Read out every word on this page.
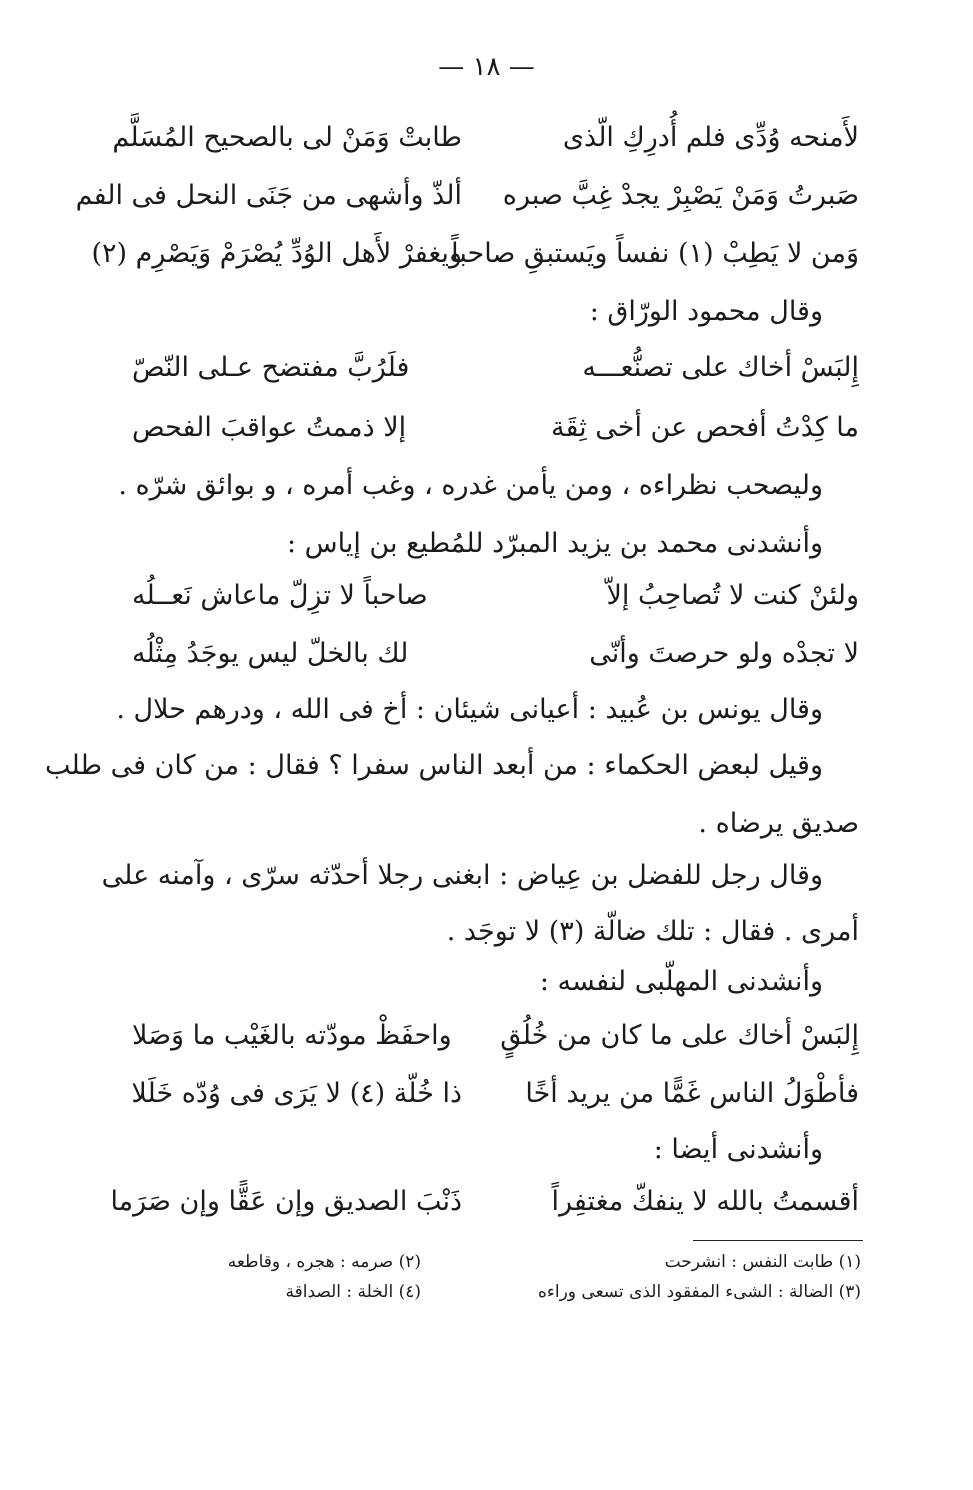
— ١٨ —
لأَمنحه وُدِّى فلم أُدرِكِ الّذى
طابتْ وَمَنْ لى بالصحيح المُسَلَّم
صَبرتُ وَمَنْ يَصْبِرْ يجدْ غِبَّ صبره
ألذّ وأشهى من جَنَى النحل فى الفم
وَمن لا يَطِبْ (١) نفساً ويَستبقِ صاحباً
ويغفرْ لأَهل الوُدِّ يُصْرَمْ وَيَصْرِم (٢)
وقال محمود الورّاق :
إِلبَسْ أخاك على تصنُّعـــه
فلَرُبَّ مفتضح عـلى النّصّ
ما كِدْتُ أفحص عن أخى ثِقَة
إلا ذممتُ عواقبَ الفحص
وليصحب نظراءه ، ومن يأمن غدره ، وغب أمره ، و بوائق شرّه .
وأنشدنى محمد بن يزيد المبرّد للمُطيع بن إياس :
ولئنْ كنت لا تُصاحِبُ إلاّ
صاحباً لا تزِلّ ماعاش نَعــلُه
لا تجدْه ولو حرصتَ وأنّى
لك بالخلّ ليس يوجَدُ مِثْلُه
وقال يونس بن عُبيد : أعيانى شيئان : أخ فى الله ، ودرهم حلال .
وقيل لبعض الحكماء : من أبعد الناس سفرا ؟ فقال : من كان فى طلب
صديق يرضاه .
وقال رجل للفضل بن عِياض : ابغنى رجلا أحدّثه سرّى ، وآمنه على
أمرى . فقال : تلك ضالّة (٣) لا توجَد .
وأنشدنى المهلّبى لنفسه :
إِلبَسْ أخاك على ما كان من خُلُقٍ
واحفَظْ مودّته بالغَيْب ما وَصَلا
فأطْوَلُ الناس غَمًّا من يريد أخًا
ذا خُلّة (٤) لا يَرَى فى وُدّه خَلَلا
وأنشدنى أيضا :
أقسمتُ بالله لا ينفكّ مغتفِراً
ذَنْبَ الصديق وإن عَقًّا وإن صَرَما
(١) طابت النفس : انشرحت
(٢) صرمه : هجره ، وقاطعه
(٣) الضالة : الشىء المفقود الذى تسعى وراءه
(٤) الخلة : الصداقة
